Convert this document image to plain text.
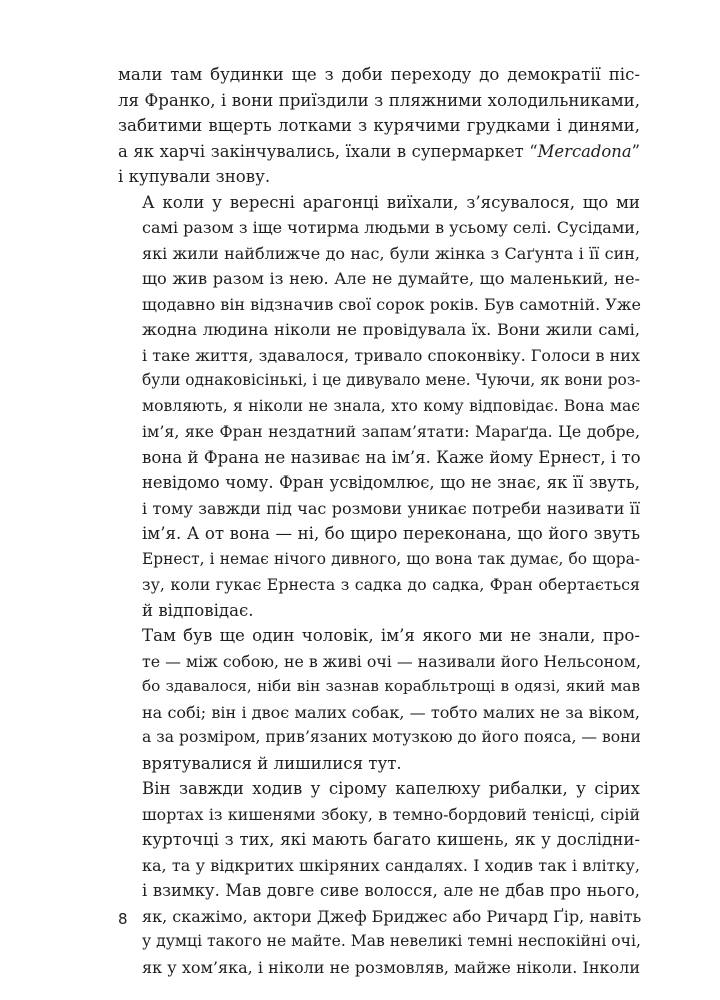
мали там будинки ще з доби переходу до демократії піс-
ля Франко, і вони приїздили з пляжними холодильниками,
забитими вщерть лотками з курячими грудками і динями,
а як харчі закінчувались, їхали в супермаркет “Mercadona”
і купували знову.

А коли у вересні арагонці виїхали, з’ясувалося, що ми
самі разом з іще чотирма людьми в усьому селі. Сусідами,
які жили найближче до нас, були жінка з Саґунта і її син,
що жив разом із нею. Але не думайте, що маленький, не-
щодавно він відзначив свої сорок років. Був самотній. Уже
жодна людина ніколи не провідувала їх. Вони жили самі,
і таке життя, здавалося, тривало споконвіку. Голоси в них
були однаковісінькі, і це дивувало мене. Чуючи, як вони роз-
мовляють, я ніколи не знала, хто кому відповідає. Вона має
ім’я, яке Фран нездатний запам’ятати: Мараґда. Це добре,
вона й Франа не називає на ім’я. Каже йому Ернест, і то
невідомо чому. Фран усвідомлює, що не знає, як її звуть,
і тому завжди під час розмови уникає потреби називати її
ім’я. А от вона — ні, бо щиро переконана, що його звуть
Ернест, і немає нічого дивного, що вона так думає, бо щора-
зу, коли гукає Ернеста з садка до садка, Фран обертається
й відповідає.

Там був ще один чоловік, ім’я якого ми не знали, про-
те — між собою, не в живі очі — називали його Нельсоном,
бо здавалося, ніби він зазнав корабльтрощі в одязі, який мав
на собі; він і двоє малих собак, — тобто малих не за віком,
а за розміром, прив’язаних мотузкою до його пояса, — вони
врятувалися й лишилися тут.

Він завжди ходив у сірому капелюху рибалки, у сірих
шортах із кишенями збоку, в темно-бордовий тенісці, сірій
курточці з тих, які мають багато кишень, як у дослідни-
ка, та у відкритих шкіряних сандалях. І ходив так і влітку,
і взимку. Мав довге сиве волосся, але не дбав про нього,
як, скажімо, актори Джеф Бриджес або Ричард Ґір, навіть
у думці такого не майте. Мав невеликі темні неспокійні очі,
як у хом’яка, і ніколи не розмовляв, майже ніколи. Інколи

8
